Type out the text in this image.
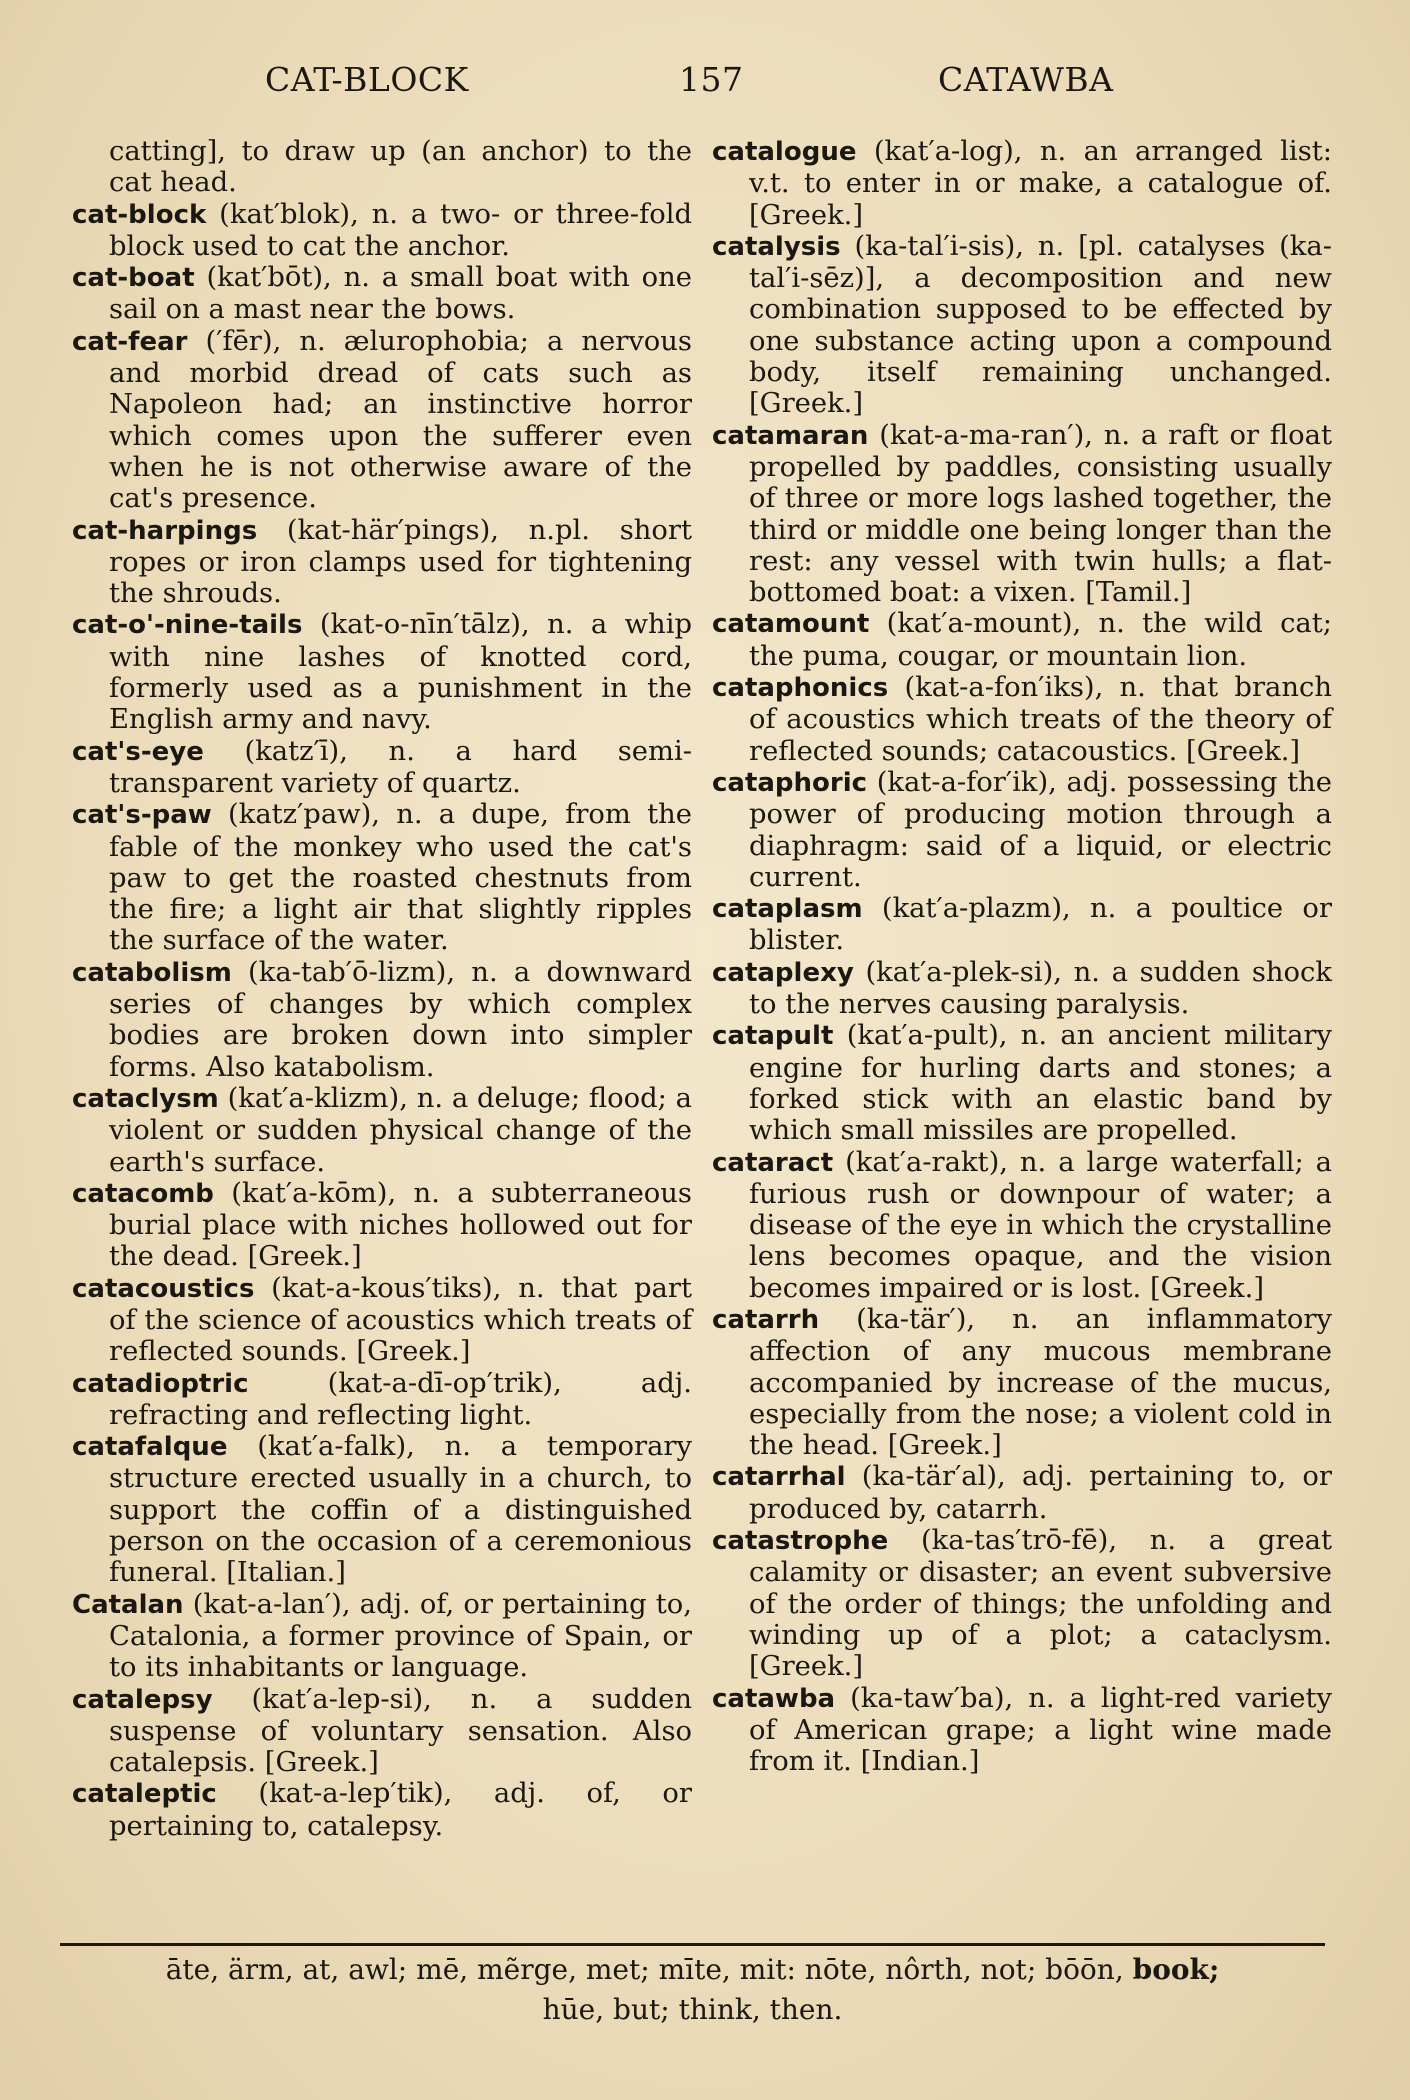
CAT-BLOCK	157	CATAWBA

catting], to draw up (an anchor) to the cat head.

cat-block (kat′blok), n. a two- or three-fold block used to cat the anchor.

cat-boat (kat′bōt), n. a small boat with one sail on a mast near the bows.

cat-fear (′fēr), n. ælurophobia; a nervous and morbid dread of cats such as Napoleon had; an instinctive horror which comes upon the sufferer even when he is not otherwise aware of the cat's presence.

cat-harpings (kat-här′pings), n.pl. short ropes or iron clamps used for tightening the shrouds.

cat-o'-nine-tails (kat-o-nīn′tālz), n. a whip with nine lashes of knotted cord, formerly used as a punishment in the English army and navy.

cat's-eye (katz′ī), n. a hard semi-transparent variety of quartz.

cat's-paw (katz′paw), n. a dupe, from the fable of the monkey who used the cat's paw to get the roasted chestnuts from the fire; a light air that slightly ripples the surface of the water.

catabolism (ka-tab′ō-lizm), n. a downward series of changes by which complex bodies are broken down into simpler forms. Also katabolism.

cataclysm (kat′a-klizm), n. a deluge; flood; a violent or sudden physical change of the earth's surface.

catacomb (kat′a-kōm), n. a subterraneous burial place with niches hollowed out for the dead. [Greek.]

catacoustics (kat-a-kous′tiks), n. that part of the science of acoustics which treats of reflected sounds. [Greek.]

catadioptric	(kat-a-dī-op′trik), adj. refracting and reflecting light.

catafalque (kat′a-falk), n. a temporary structure erected usually in a church, to support the coffin of a distinguished person on the occasion of a ceremonious funeral. [Italian.]

Catalan (kat-a-lan′), adj. of, or pertaining to, Catalonia, a former province of Spain, or to its inhabitants or language.

catalepsy (kat′a-lep-si), n. a sudden suspense of voluntary sensation. Also catalepsis. [Greek.]

cataleptic (kat-a-lep′tik), adj. of, or pertaining to, catalepsy.

catalogue (kat′a-log), n. an arranged list: v.t. to enter in or make, a catalogue of. [Greek.]

catalysis (ka-tal′i-sis), n. [pl. catalyses (ka-tal′i-sēz)], a decomposition and new combination supposed to be effected by one substance acting upon a compound body, itself remaining unchanged. [Greek.]

catamaran (kat-a-ma-ran′), n. a raft or float propelled by paddles, consisting usually of three or more logs lashed together, the third or middle one being longer than the rest: any vessel with twin hulls; a flat-bottomed boat: a vixen. [Tamil.]

catamount (kat′a-mount), n. the wild cat; the puma, cougar, or mountain lion.

cataphonics (kat-a-fon′iks), n. that branch of acoustics which treats of the theory of reflected sounds; catacoustics. [Greek.]

cataphoric (kat-a-for′ik), adj. possessing the power of producing motion through a diaphragm: said of a liquid, or electric current.

cataplasm (kat′a-plazm), n. a poultice or blister.

cataplexy (kat′a-plek-si), n. a sudden shock to the nerves causing paralysis.

catapult (kat′a-pult), n. an ancient military engine for hurling darts and stones; a forked stick with an elastic band by which small missiles are propelled.

cataract (kat′a-rakt), n. a large waterfall; a furious rush or downpour of water; a disease of the eye in which the crystalline lens becomes opaque, and the vision becomes impaired or is lost. [Greek.]

catarrh (ka-tär′), n. an inflammatory affection of any mucous membrane accompanied by increase of the mucus, especially from the nose; a violent cold in the head. [Greek.]

catarrhal (ka-tär′al), adj. pertaining to, or produced by, catarrh.

catastrophe (ka-tas′trō-fē), n. a great calamity or disaster; an event subversive of the order of things; the unfolding and winding up of a plot; a cataclysm. [Greek.]

catawba (ka-taw′ba), n. a light-red variety of American grape; a light wine made from it. [Indian.]

āte, ärm, at, awl; mē, mẽrge, met; mīte, mit: nōte, nôrth, not; bōōn, book;
hūe, but; think, then.
